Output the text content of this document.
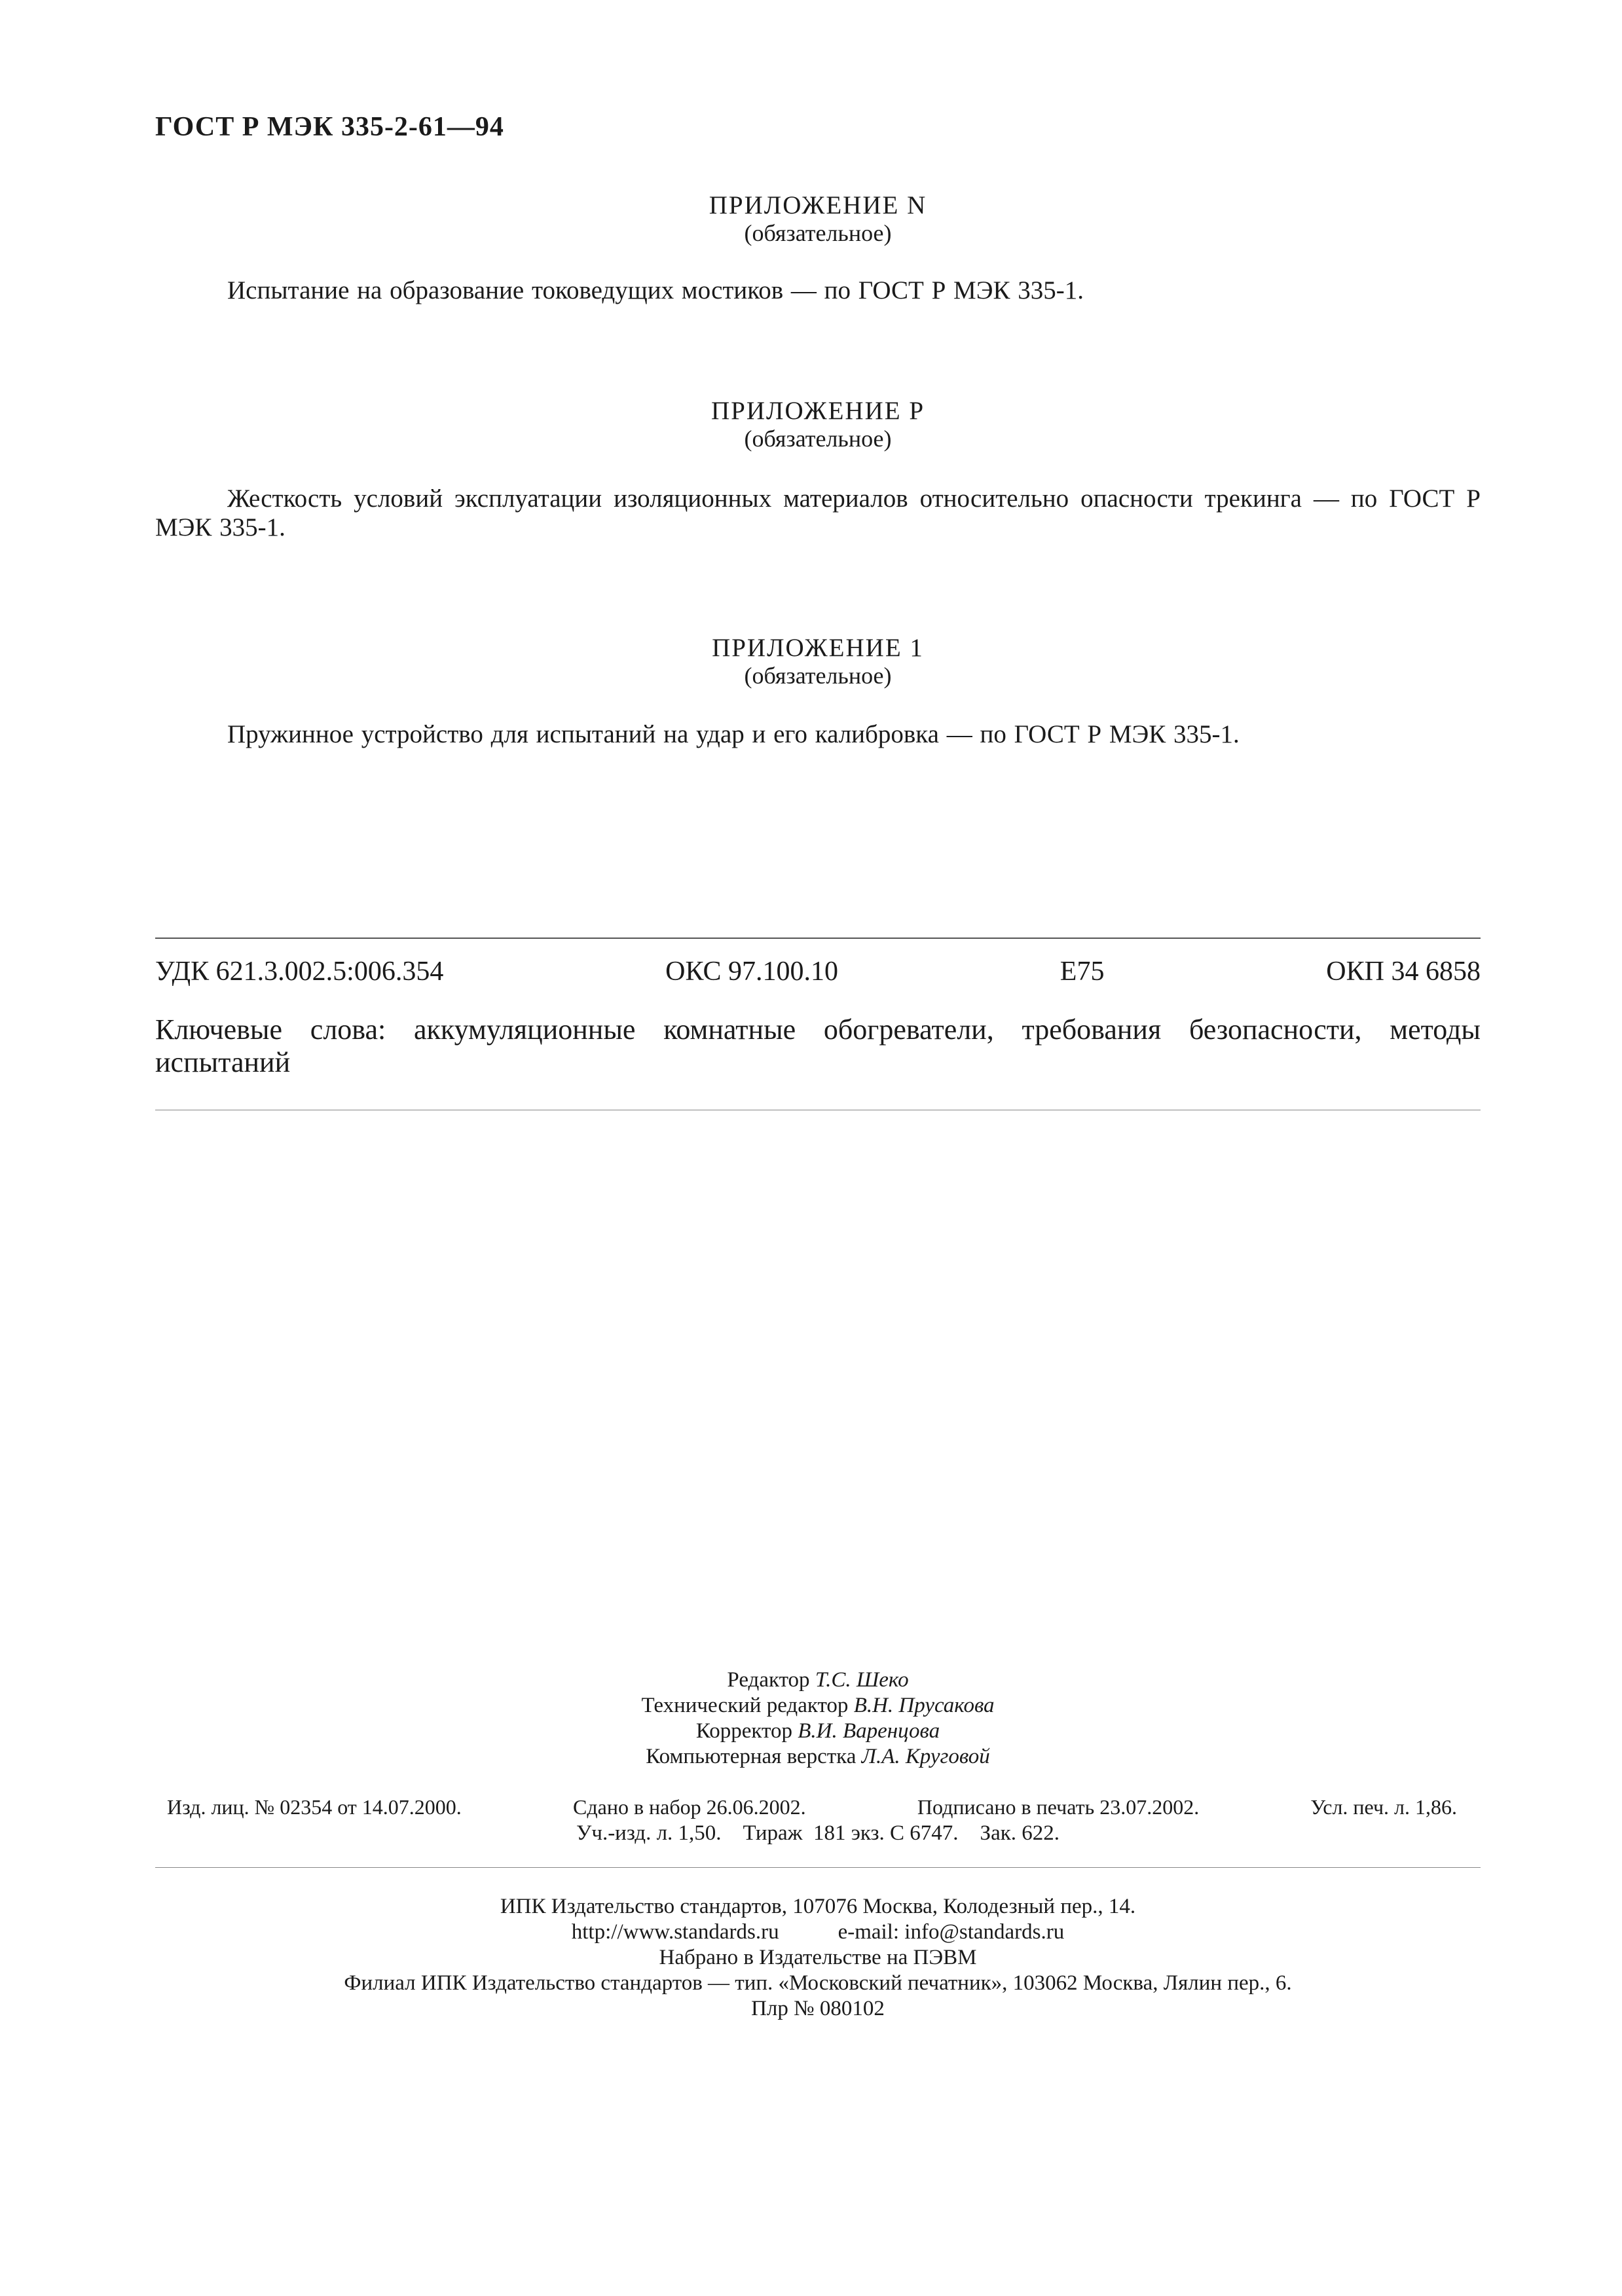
ГОСТ Р МЭК 335-2-61—94
ПРИЛОЖЕНИЕ N
(обязательное)
Испытание на образование токоведущих мостиков — по ГОСТ Р МЭК 335-1.
ПРИЛОЖЕНИЕ P
(обязательное)
Жесткость условий эксплуатации изоляционных материалов относительно опасности трекинга — по ГОСТ Р МЭК 335-1.
ПРИЛОЖЕНИЕ 1
(обязательное)
Пружинное устройство для испытаний на удар и его калибровка — по ГОСТ Р МЭК 335-1.
УДК 621.3.002.5:006.354	ОКС 97.100.10	Е75	ОКП 34 6858
Ключевые слова: аккумуляционные комнатные обогреватели, требования безопасности, методы испытаний
Редактор Т.С. Шеко
Технический редактор В.Н. Прусакова
Корректор В.И. Варенцова
Компьютерная верстка Л.А. Круговой
Изд. лиц. № 02354 от 14.07.2000.	Сдано в набор 26.06.2002.	Подписано в печать 23.07.2002.	Усл. печ. л. 1,86.
Уч.-изд. л. 1,50.    Тираж  181 экз. С 6747.    Зак. 622.
ИПК Издательство стандартов, 107076 Москва, Колодезный пер., 14.
http://www.standards.ru	e-mail: info@standards.ru
Набрано в Издательстве на ПЭВМ
Филиал ИПК Издательство стандартов — тип. «Московский печатник», 103062 Москва, Лялин пер., 6.
Плр № 080102
